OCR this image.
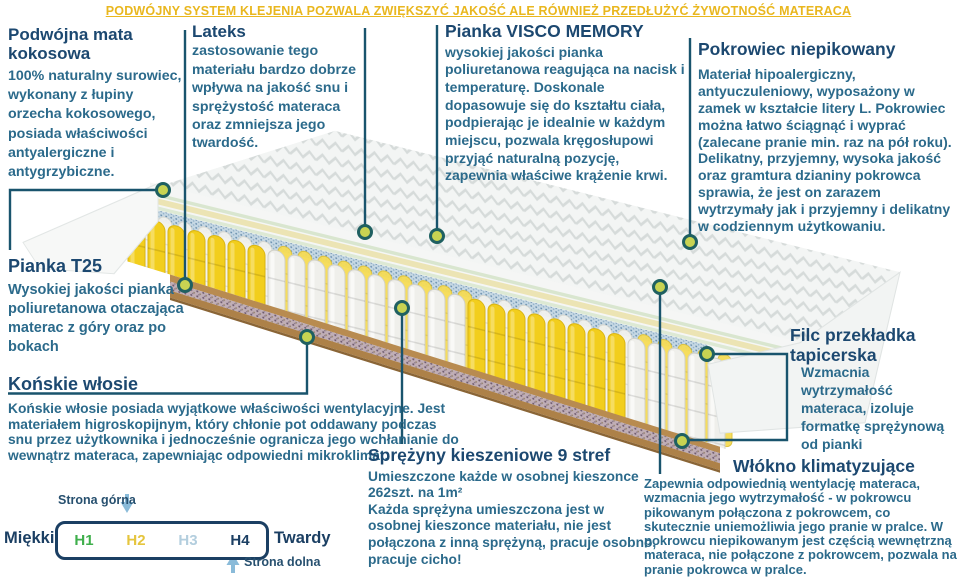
PODWÓJNY SYSTEM KLEJENIA POZWALA ZWIĘKSZYĆ JAKOŚĆ ALE RÓWNIEŻ PRZEDŁUŻYĆ ŻYWOTNOŚĆ MATERACA
Podwójna mata kokosowa

100% naturalny surowiec, wykonany z łupiny orzecha kokosowego, posiada właściwości antyalergiczne i antygrzybiczne.

Lateks

zastosowanie tego materiału bardzo dobrze wpływa na jakość snu i sprężystość materaca oraz zmniejsza jego twardość.

Pianka VISCO MEMORY

wysokiej jakości pianka poliuretanowa reagująca na nacisk i temperaturę. Doskonale dopasowuje się do kształtu ciała, podpierając je idealnie w każdym miejscu, pozwala kręgosłupowi przyjąć naturalną pozycję, zapewnia właściwe krążenie krwi.

Pokrowiec niepikowany

Materiał hipoalergiczny, antyuczuleniowy, wyposażony w zamek w kształcie litery L. Pokrowiec można łatwo ściągnąć i wyprać (zalecane pranie min. raz na pół roku). Delikatny, przyjemny, wysoka jakość oraz gramtura dzianiny pokrowca sprawia, że jest on zarazem wytrzymały jak i przyjemny i delikatny w codziennym użytkowaniu.

Pianka T25

Wysokiej jakości pianka poliuretanowa otaczająca materac z góry oraz po bokach

Końskie włosie

Końskie włosie posiada wyjątkowe właściwości wentylacyjne. Jest materiałem higroskopijnym, który chłonie pot oddawany podczas snu przez użytkownika i jednocześnie ogranicza jego wchłanianie do wewnątrz materaca, zapewniając odpowiedni mikroklimat.

Sprężyny kieszeniowe 9 stref

Umieszczone każde w osobnej kieszonce 262szt. na 1m²

Każda sprężyna umieszczona jest w osobnej kieszonce materiału, nie jest połączona z inną sprężyną, pracuje osobno, pracuje cicho!

Filc przekładka tapicerska

Wzmacnia wytrzymałość materaca, izoluje formatkę sprężynową od pianki

Włókno klimatyzujące

Zapewnia odpowiednią wentylację materaca, wzmacnia jego wytrzymałość - w pokrowcu pikowanym połączona z pokrowcem, co skutecznie uniemożliwia jego pranie w pralce. W pokrowcu niepikowanym jest częścią wewnętrzną materaca, nie połączone z pokrowcem, pozwala na pranie pokrowca w pralce.

Strona górna
Miękki H1 H2 H3 H4 Twardy
Strona dolna
